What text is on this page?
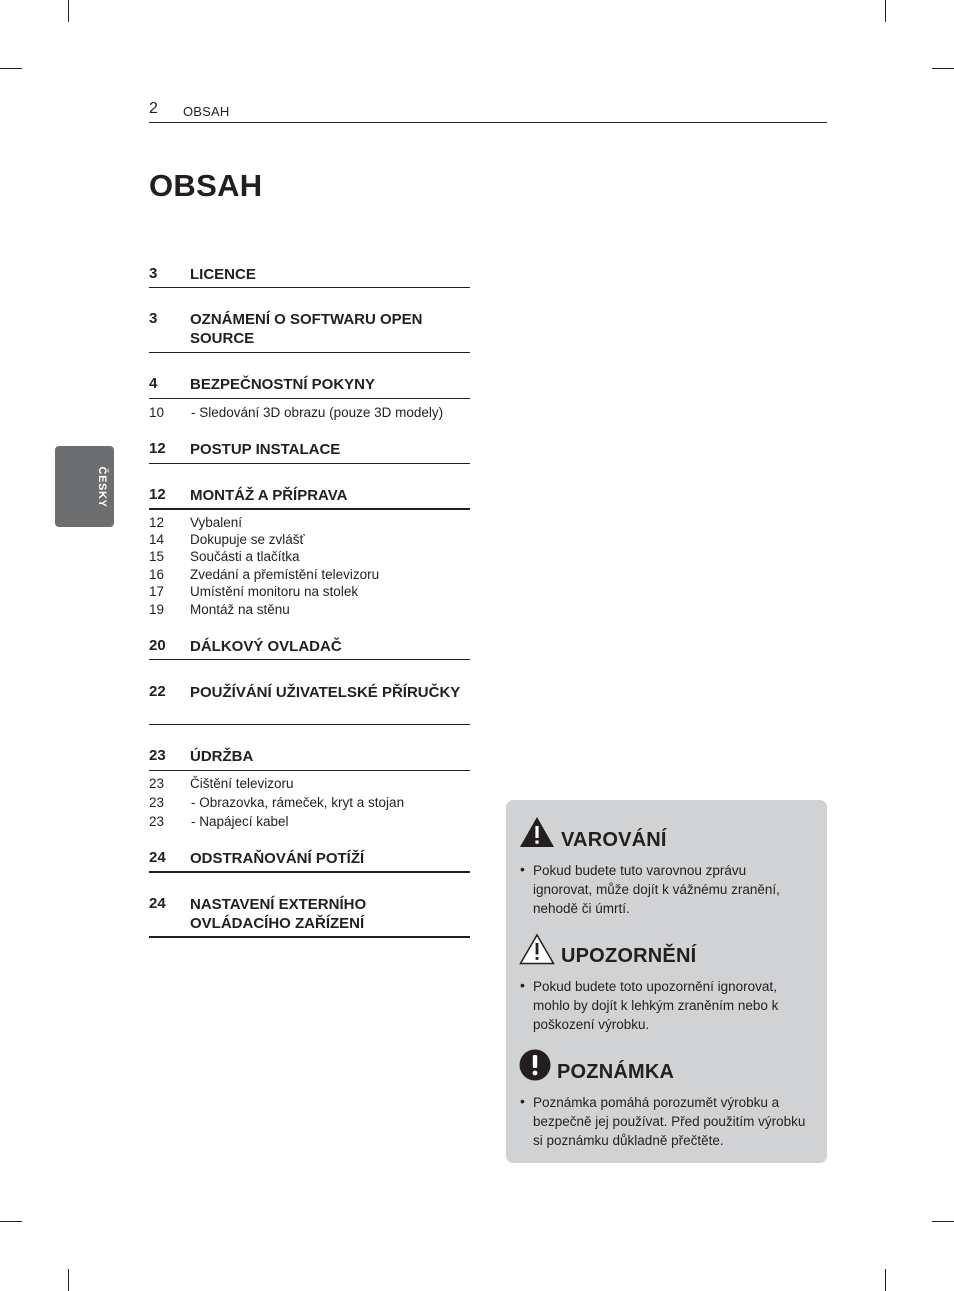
2 OBSAH
OBSAH
ČESKY
3 LICENCE
3 OZNÁMENÍ O SOFTWARU OPEN SOURCE
4 BEZPEČNOSTNÍ POKYNY
10 - Sledování 3D obrazu (pouze 3D modely)
12 POSTUP INSTALACE
12 MONTÁŽ A PŘÍPRAVA
12 Vybalení
14 Dokupuje se zvlášť
15 Součásti a tlačítka
16 Zvedání a přemístění televizoru
17 Umístění monitoru na stolek
19 Montáž na stěnu
20 DÁLKOVÝ OVLADAČ
22 POUŽÍVÁNÍ UŽIVATELSKÉ PŘÍRUČKY
23 ÚDRŽBA
23 Čištění televizoru
23 - Obrazovka, rámeček, kryt a stojan
23 - Napájecí kabel
24 ODSTRAŇOVÁNÍ POTÍŽÍ
24 NASTAVENÍ EXTERNÍHO OVLÁDACÍHO ZAŘÍZENÍ
VAROVÁNÍ
• Pokud budete tuto varovnou zprávu ignorovat, může dojít k vážnému zranění, nehodě či úmrtí.
UPOZORNĚNÍ
• Pokud budete toto upozornění ignorovat, mohlo by dojít k lehkým zraněním nebo k poškození výrobku.
POZNÁMKA
• Poznámka pomáhá porozumět výrobku a bezpečně jej používat. Před použitím výrobku si poznámku důkladně přečtěte.
